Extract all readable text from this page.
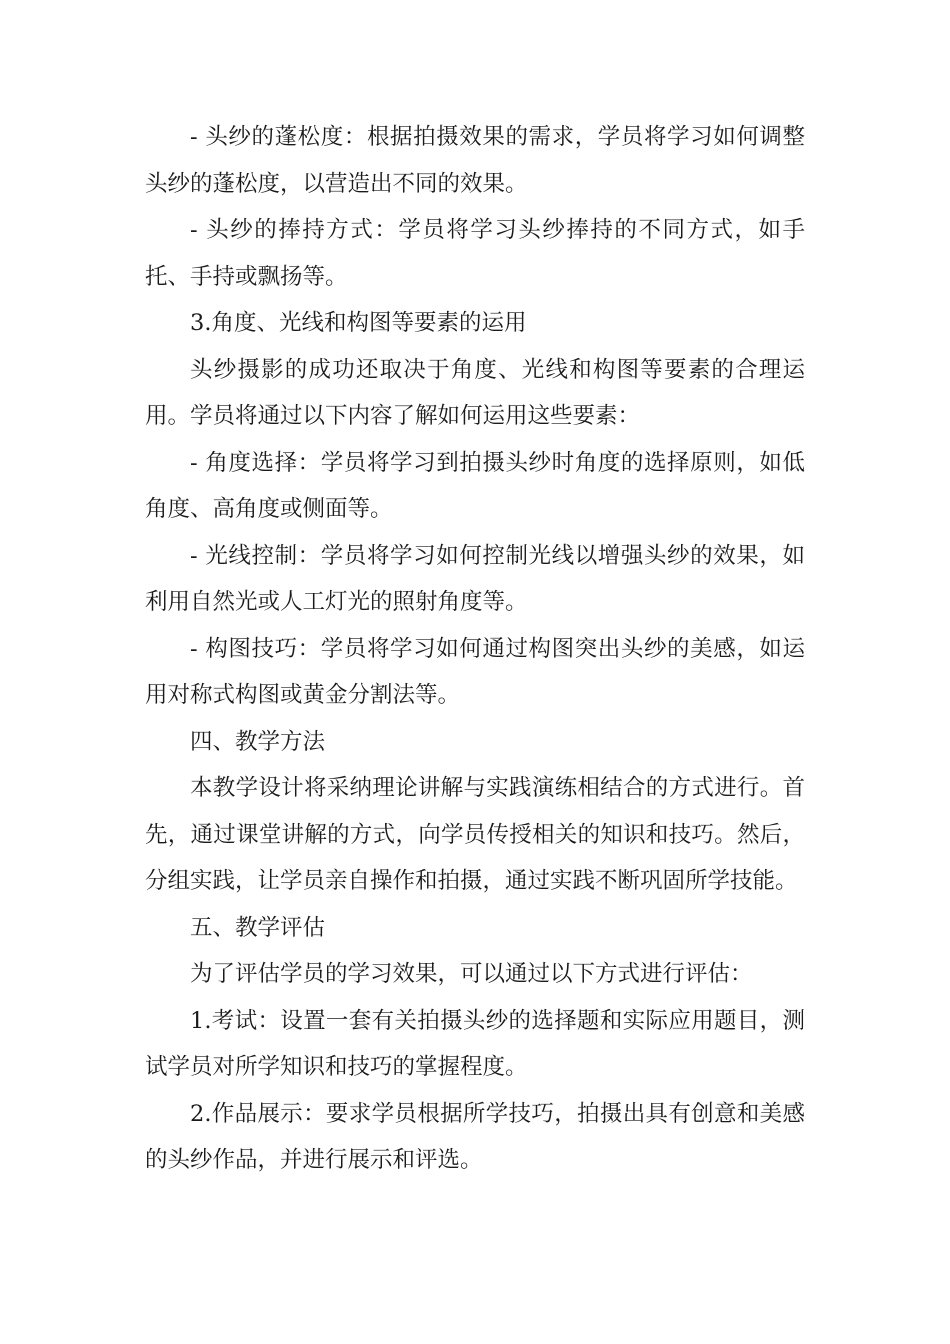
- 头纱的蓬松度：根据拍摄效果的需求，学员将学习如何调整头纱的蓬松度，以营造出不同的效果。

- 头纱的捧持方式：学员将学习头纱捧持的不同方式，如手托、手持或飘扬等。

3.角度、光线和构图等要素的运用

头纱摄影的成功还取决于角度、光线和构图等要素的合理运用。学员将通过以下内容了解如何运用这些要素：

- 角度选择：学员将学习到拍摄头纱时角度的选择原则，如低角度、高角度或侧面等。

- 光线控制：学员将学习如何控制光线以增强头纱的效果，如利用自然光或人工灯光的照射角度等。

- 构图技巧：学员将学习如何通过构图突出头纱的美感，如运用对称式构图或黄金分割法等。

四、教学方法

本教学设计将采纳理论讲解与实践演练相结合的方式进行。首先，通过课堂讲解的方式，向学员传授相关的知识和技巧。然后，分组实践，让学员亲自操作和拍摄，通过实践不断巩固所学技能。

五、教学评估

为了评估学员的学习效果，可以通过以下方式进行评估：

1.考试：设置一套有关拍摄头纱的选择题和实际应用题目，测试学员对所学知识和技巧的掌握程度。

2.作品展示：要求学员根据所学技巧，拍摄出具有创意和美感的头纱作品，并进行展示和评选。
